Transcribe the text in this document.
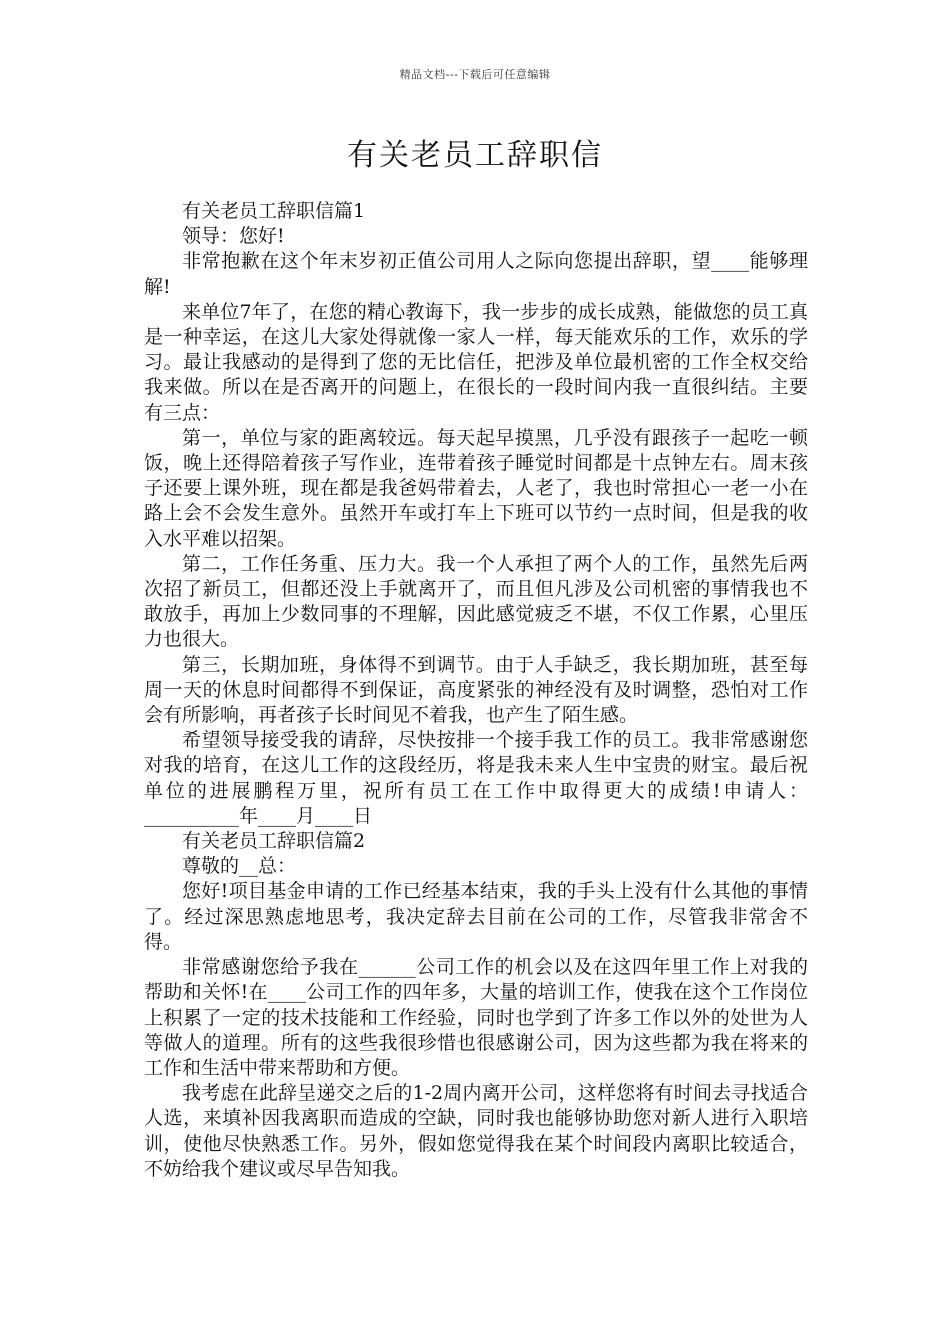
精品文档---下载后可任意编辑
有关老员工辞职信

有关老员工辞职信篇1

领导：您好!

非常抱歉在这个年末岁初正值公司用人之际向您提出辞职，望____能够理解!

来单位7年了，在您的精心教诲下，我一步步的成长成熟，能做您的员工真是一种幸运，在这儿大家处得就像一家人一样，每天能欢乐的工作，欢乐的学习。最让我感动的是得到了您的无比信任，把涉及单位最机密的工作全权交给我来做。所以在是否离开的问题上，在很长的一段时间内我一直很纠结。主要有三点：

第一，单位与家的距离较远。每天起早摸黑，几乎没有跟孩子一起吃一顿饭，晚上还得陪着孩子写作业，连带着孩子睡觉时间都是十点钟左右。周末孩子还要上课外班，现在都是我爸妈带着去，人老了，我也时常担心一老一小在路上会不会发生意外。虽然开车或打车上下班可以节约一点时间，但是我的收入水平难以招架。

第二，工作任务重、压力大。我一个人承担了两个人的工作，虽然先后两次招了新员工，但都还没上手就离开了，而且但凡涉及公司机密的事情我也不敢放手，再加上少数同事的不理解，因此感觉疲乏不堪，不仅工作累，心里压力也很大。

第三，长期加班，身体得不到调节。由于人手缺乏，我长期加班，甚至每周一天的休息时间都得不到保证，高度紧张的神经没有及时调整，恐怕对工作会有所影响，再者孩子长时间见不着我，也产生了陌生感。

希望领导接受我的请辞，尽快按排一个接手我工作的员工。我非常感谢您对我的培育，在这儿工作的这段经历，将是我未来人生中宝贵的财宝。最后祝单位的进展鹏程万里，祝所有员工在工作中取得更大的成绩!申请人：__________年____月____日

有关老员工辞职信篇2

尊敬的__总：

您好!项目基金申请的工作已经基本结束，我的手头上没有什么其他的事情了。经过深思熟虑地思考，我决定辞去目前在公司的工作，尽管我非常舍不得。

非常感谢您给予我在______公司工作的机会以及在这四年里工作上对我的帮助和关怀!在____公司工作的四年多，大量的培训工作，使我在这个工作岗位上积累了一定的技术技能和工作经验，同时也学到了许多工作以外的处世为人等做人的道理。所有的这些我很珍惜也很感谢公司，因为这些都为我在将来的工作和生活中带来帮助和方便。

我考虑在此辞呈递交之后的1-2周内离开公司，这样您将有时间去寻找适合人选，来填补因我离职而造成的空缺，同时我也能够协助您对新人进行入职培训，使他尽快熟悉工作。另外，假如您觉得我在某个时间段内离职比较适合，不妨给我个建议或尽早告知我。
